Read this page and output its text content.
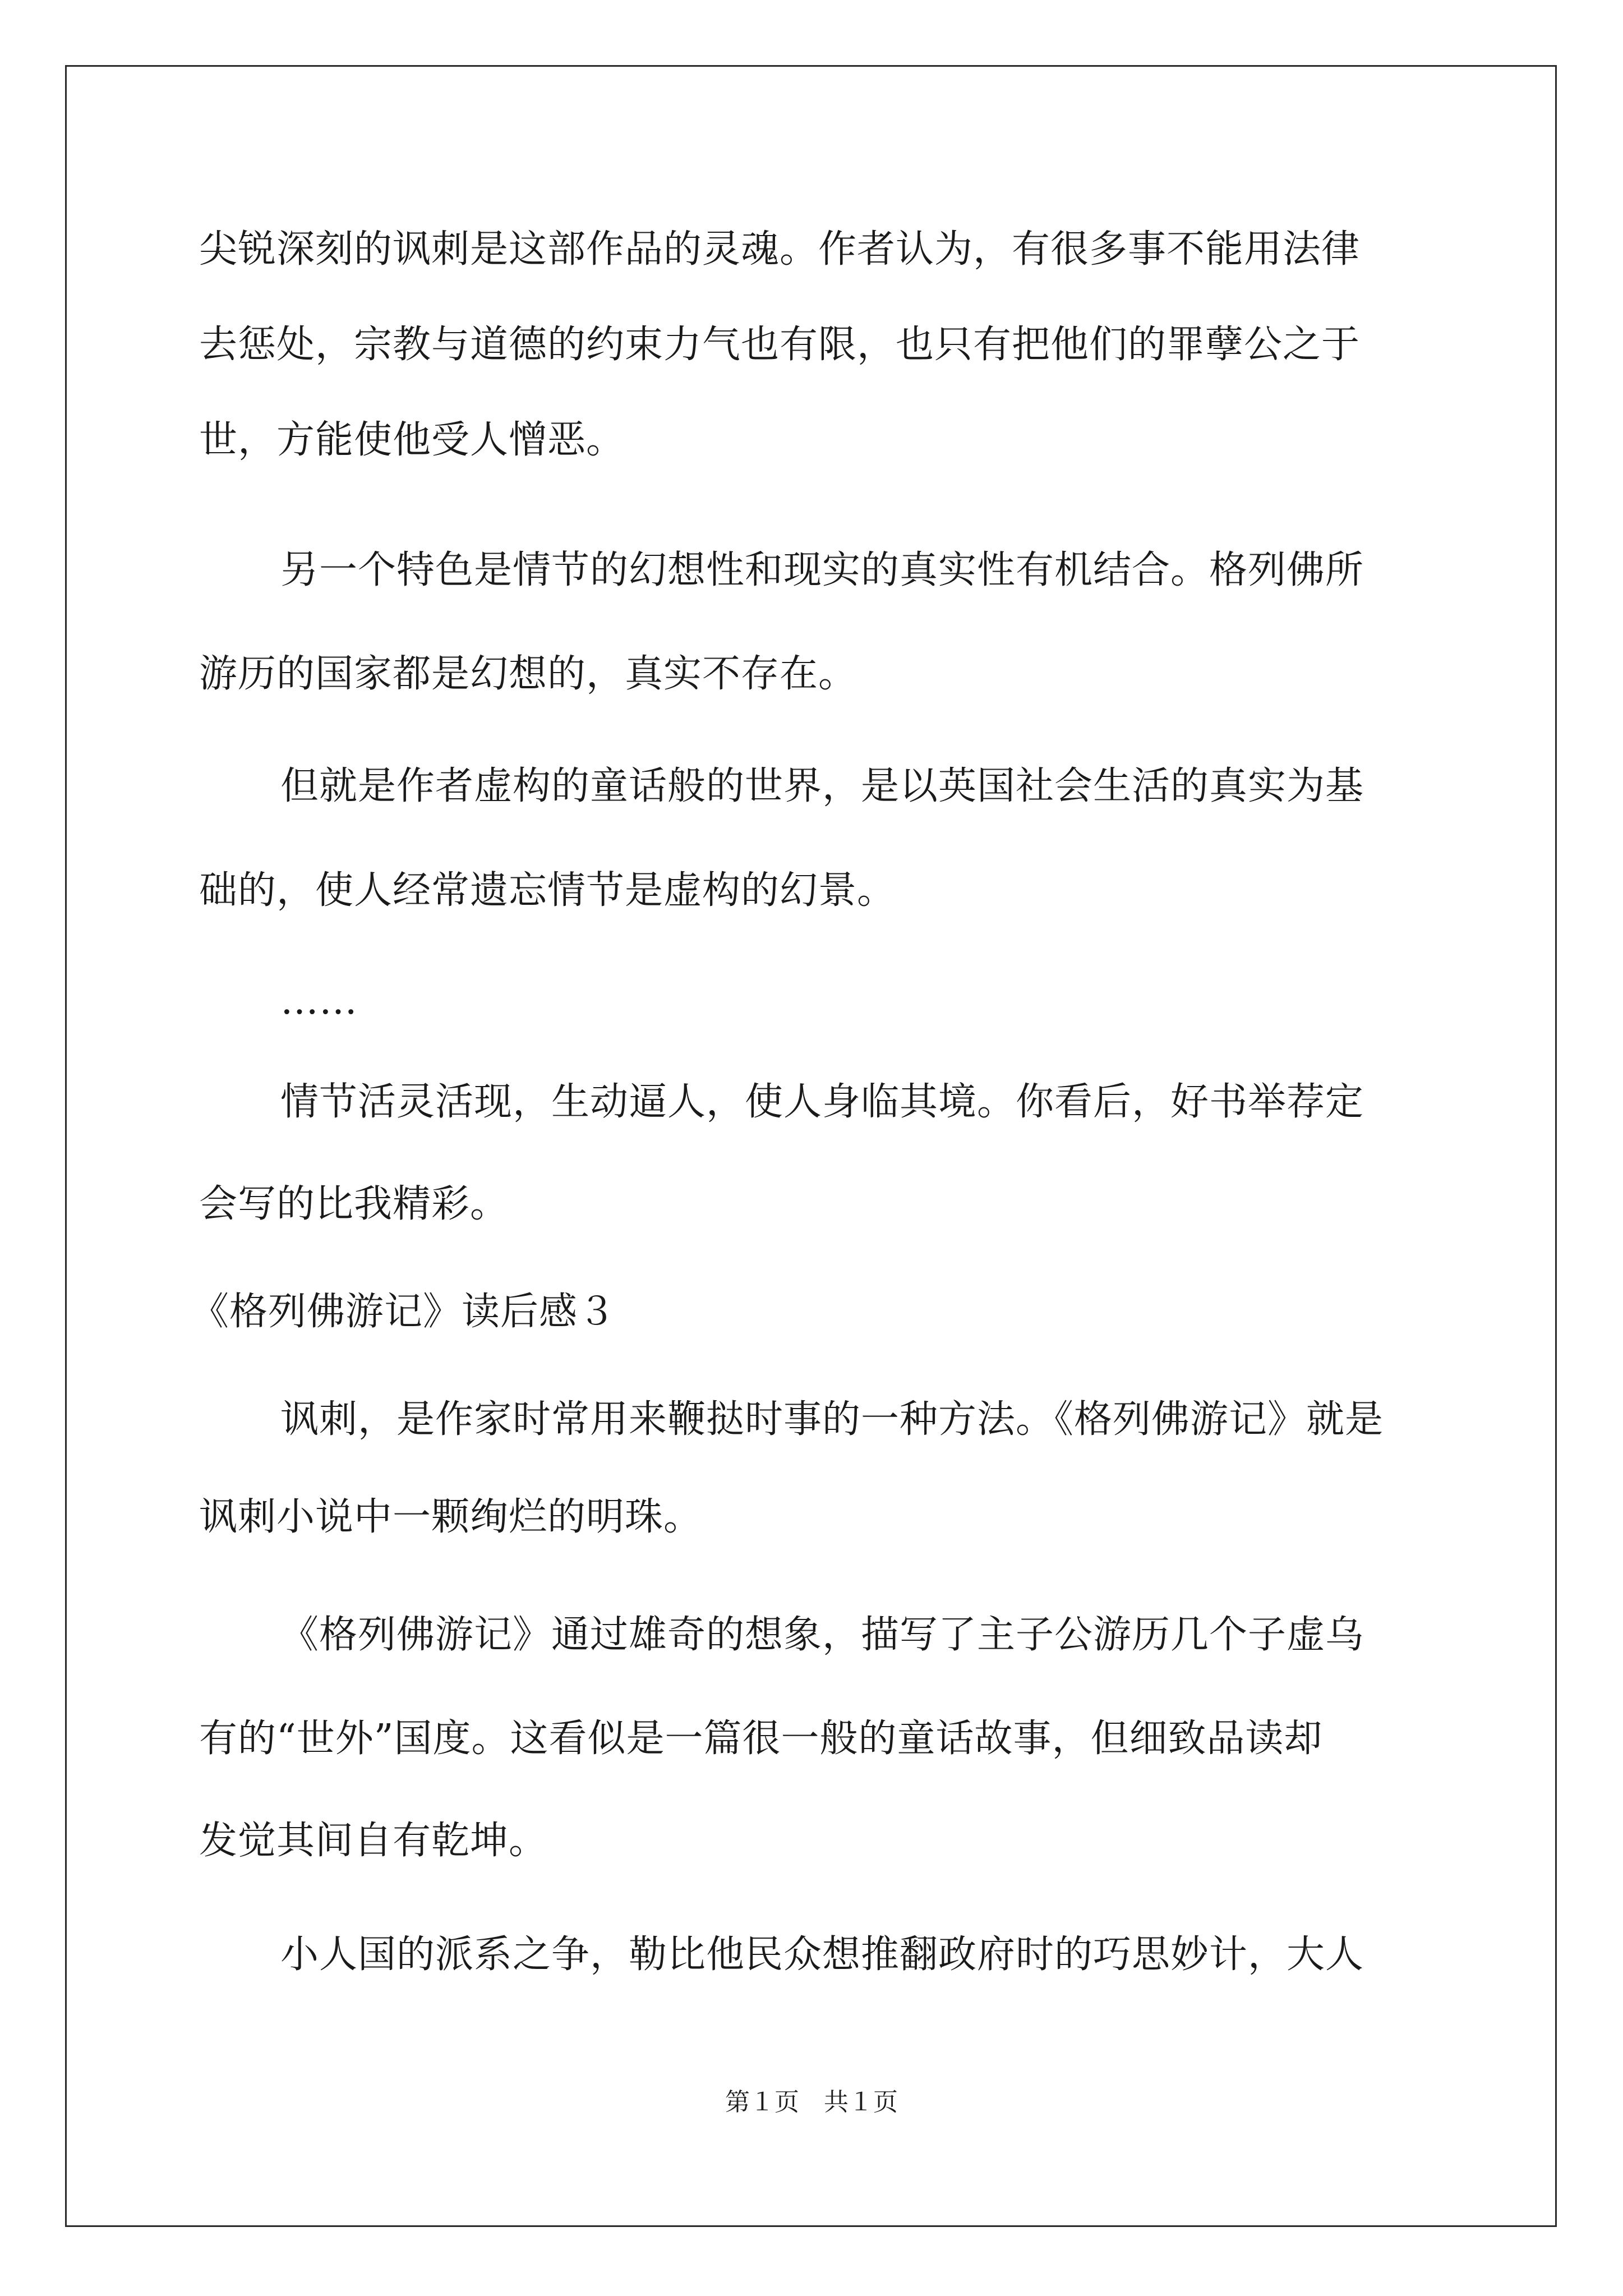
尖锐深刻的讽刺是这部作品的灵魂。作者认为，有很多事不能用法律
去惩处，宗教与道德的约束力气也有限，也只有把他们的罪孽公之于
世，方能使他受人憎恶。
另一个特色是情节的幻想性和现实的真实性有机结合。格列佛所
游历的国家都是幻想的，真实不存在。
但就是作者虚构的童话般的世界，是以英国社会生活的真实为基
础的，使人经常遗忘情节是虚构的幻景。
……
情节活灵活现，生动逼人，使人身临其境。你看后，好书举荐定
会写的比我精彩。
《格列佛游记》读后感３
讽刺，是作家时常用来鞭挞时事的一种方法。《格列佛游记》就是
讽刺小说中一颗绚烂的明珠。
《格列佛游记》通过雄奇的想象，描写了主子公游历几个子虚乌
有的“世外”国度。这看似是一篇很一般的童话故事，但细致品读却
发觉其间自有乾坤。
小人国的派系之争，勒比他民众想推翻政府时的巧思妙计，大人
第１页　共１页
